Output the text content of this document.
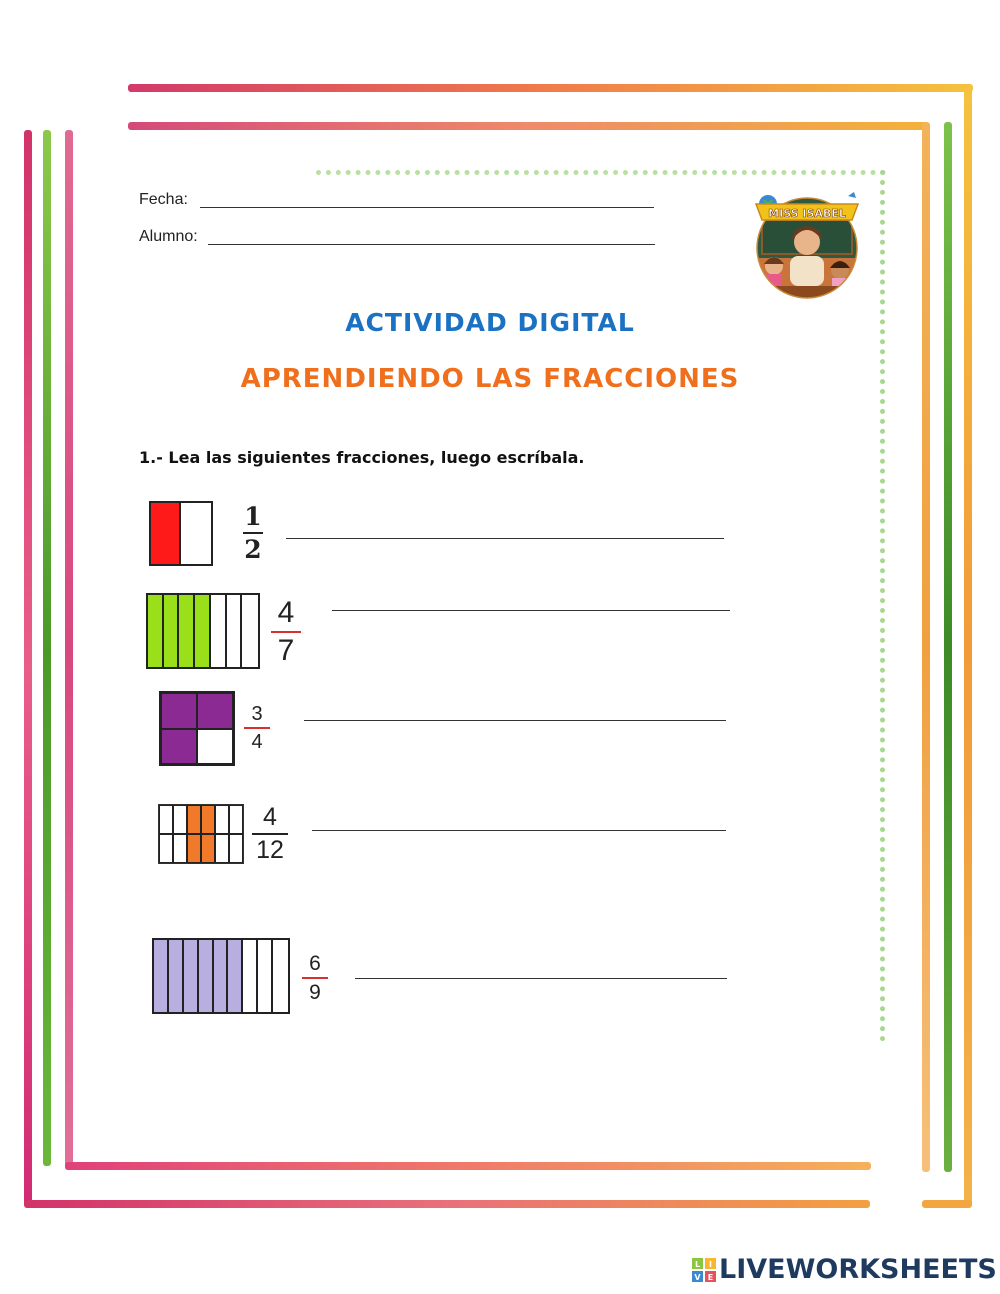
Fecha:
Alumno:
MISS ISABEL
ACTIVIDAD DIGITAL
APRENDIENDO LAS FRACCIONES
1.- Lea las siguientes fracciones, luego escríbala.
1
2
4
7
3
4
4
12
6
9
L I
V E LIVEWORKSHEETS
